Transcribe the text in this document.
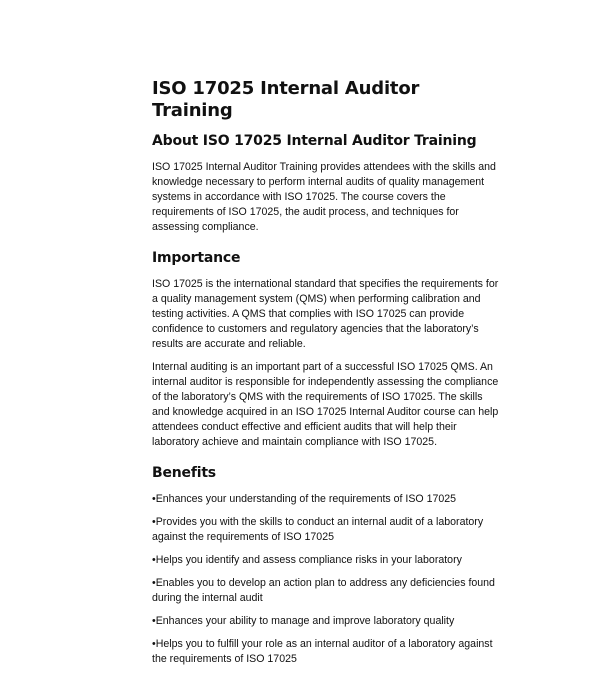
ISO 17025 Internal Auditor Training
About ISO 17025 Internal Auditor Training

ISO 17025 Internal Auditor Training provides attendees with the skills and knowledge necessary to perform internal audits of quality management systems in accordance with ISO 17025. The course covers the requirements of ISO 17025, the audit process, and techniques for assessing compliance.

Importance

ISO 17025 is the international standard that specifies the requirements for a quality management system (QMS) when performing calibration and testing activities. A QMS that complies with ISO 17025 can provide confidence to customers and regulatory agencies that the laboratory’s results are accurate and reliable.

Internal auditing is an important part of a successful ISO 17025 QMS. An internal auditor is responsible for independently assessing the compliance of the laboratory’s QMS with the requirements of ISO 17025. The skills and knowledge acquired in an ISO 17025 Internal Auditor course can help attendees conduct effective and efficient audits that will help their laboratory achieve and maintain compliance with ISO 17025.

Benefits
•Enhances your understanding of the requirements of ISO 17025
•Provides you with the skills to conduct an internal audit of a laboratory against the requirements of ISO 17025
•Helps you identify and assess compliance risks in your laboratory
•Enables you to develop an action plan to address any deficiencies found during the internal audit
•Enhances your ability to manage and improve laboratory quality
•Helps you to fulfill your role as an internal auditor of a laboratory against the requirements of ISO 17025
